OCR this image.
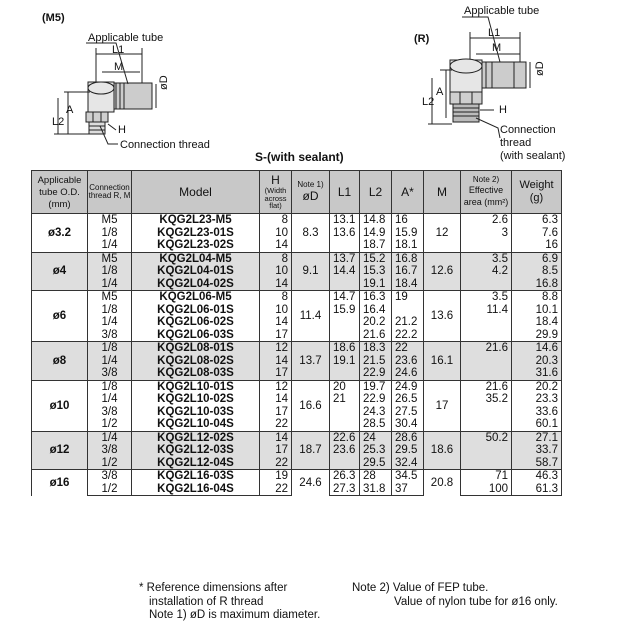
(M5)
(R)
Applicable tube
L1
M
øD
A
L2
H
Connection thread
Applicable tube
L1
M
øD
A
L2
H
Connection
thread
(with sealant)
S-(with sealant)
Applicable tube O.D. (mm)	Connection thread R, M	Model	H
(Width across flat)	Note 1)
øD	L1	L2	A*	M	Note 2)
Effective area (mm²)	Weight (g)
ø3.2	M5	KQG2L23-M5	8	8.3	13.1	14.8	16	12	2.6	6.3
	1/8	KQG2L23-01S	10		13.6	14.9	15.9		3	7.6
	1/4	KQG2L23-02S	14			18.7	18.1			16
ø4	M5	KQG2L04-M5	8	9.1	13.7	15.2	16.8	12.6	3.5	6.9
	1/8	KQG2L04-01S	10		14.4	15.3	16.7		4.2	8.5
	1/4	KQG2L04-02S	14			19.1	18.4			16.8
ø6	M5	KQG2L06-M5	8	11.4	14.7	16.3	19	13.6	3.5	8.8
	1/8	KQG2L06-01S	10		15.9	16.4			11.4	10.1
	1/4	KQG2L06-02S	14			20.2	21.2			18.4
	3/8	KQG2L06-03S	17			21.6	22.2			29.9
ø8	1/8	KQG2L08-01S	12	13.7	18.6	18.3	22	16.1	21.6	14.6
	1/4	KQG2L08-02S	14		19.1	21.5	23.6			20.3
	3/8	KQG2L08-03S	17			22.9	24.6			31.6
ø10	1/8	KQG2L10-01S	12	16.6	20	19.7	24.9	17	21.6	20.2
	1/4	KQG2L10-02S	14		21	22.9	26.5		35.2	23.3
	3/8	KQG2L10-03S	17			24.3	27.5			33.6
	1/2	KQG2L10-04S	22			28.5	30.4			60.1
ø12	1/4	KQG2L12-02S	14	18.7	22.6	24	28.6	18.6	50.2	27.1
	3/8	KQG2L12-03S	17		23.6	25.3	29.5			33.7
	1/2	KQG2L12-04S	22			29.5	32.4			58.7
ø16	3/8	KQG2L16-03S	19	24.6	26.3	28	34.5	20.8	71	46.3
	1/2	KQG2L16-04S	22		27.3	31.8	37		100	61.3
* Reference dimensions after
installation of R thread
Note 1) øD is maximum diameter.
Note 2) Value of FEP tube.
Value of nylon tube for ø16 only.
